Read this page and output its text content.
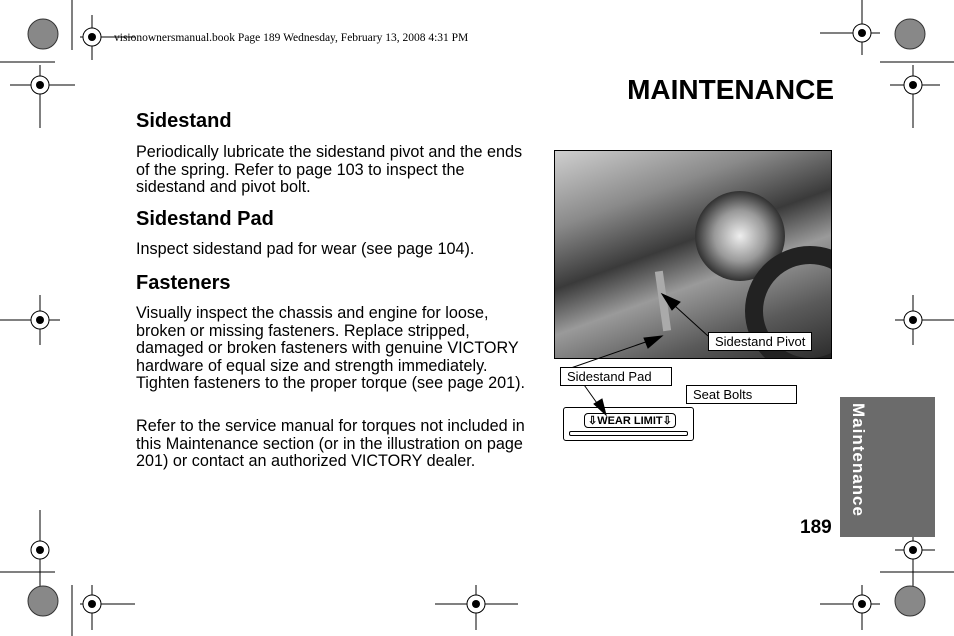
visionownersmanual.book Page 189 Wednesday, February 13, 2008 4:31 PM
MAINTENANCE
Sidestand

Periodically lubricate the sidestand pivot and the ends of the spring. Refer to page 103 to inspect the sidestand and pivot bolt.

Sidestand Pad

Inspect sidestand pad for wear (see page 104).

Fasteners

Visually inspect the chassis and engine for loose, broken or missing fasteners. Replace stripped, damaged or broken fasteners with genuine VICTORY hardware of equal size and strength immediately. Tighten fasteners to the proper torque (see page 201).

Refer to the service manual for torques not included in this Maintenance section (or in the illustration on page 201) or contact an authorized VICTORY dealer.

Sidestand Pivot
Sidestand Pad
Seat Bolts
⇩WEAR LIMIT⇩	Maintenance
189
